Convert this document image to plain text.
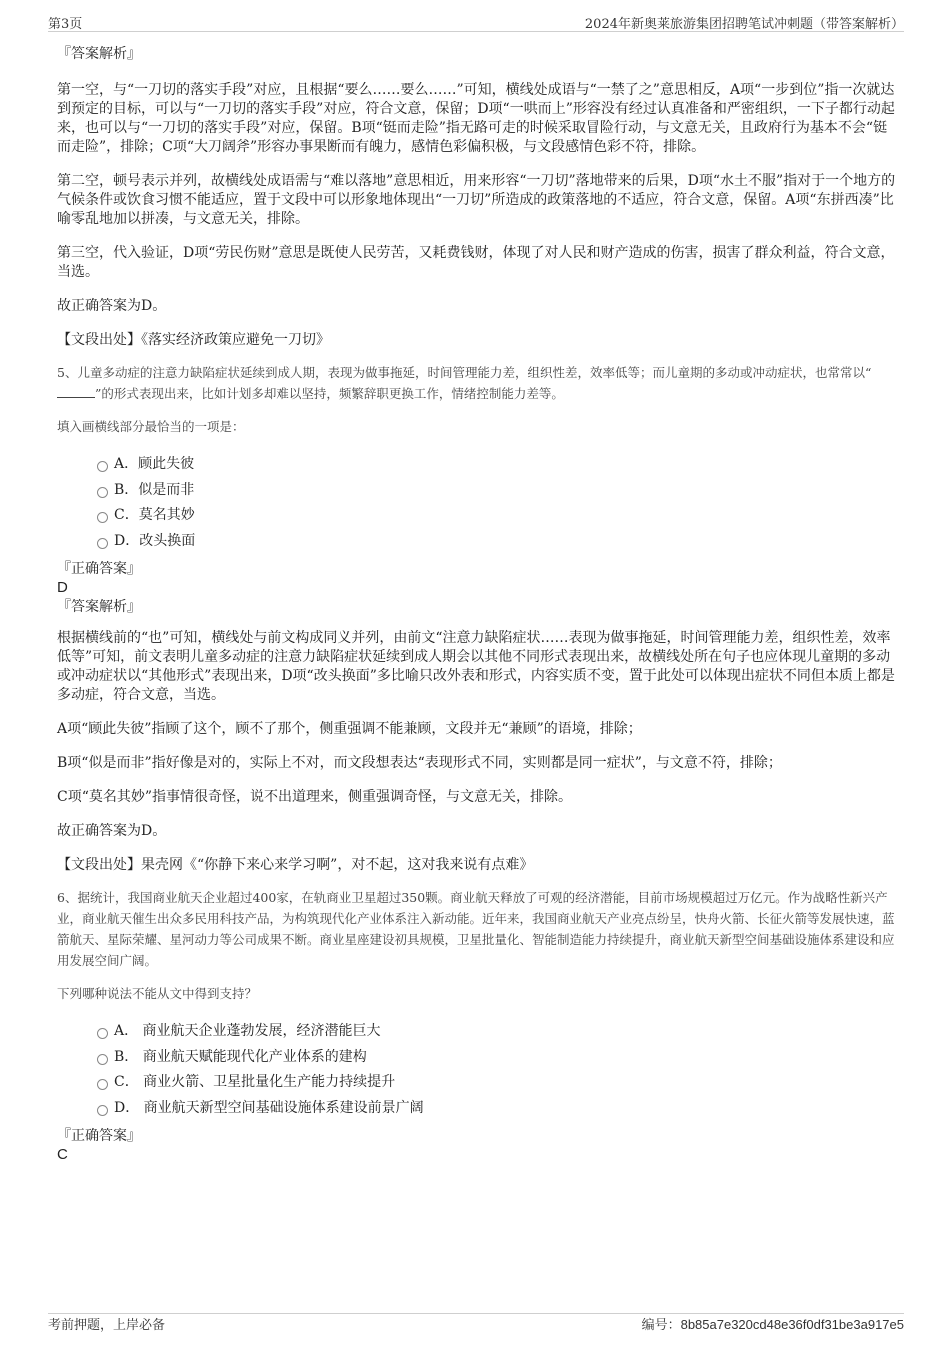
第3页	2024年新奥莱旅游集团招聘笔试冲刺题（带答案解析）
『答案解析』

第一空，与“一刀切的落实手段”对应，且根据“要么……要么……”可知，横线处成语与“一禁了之”意思相反，A项“一步到位”指一次就达到预定的目标，可以与“一刀切的落实手段”对应，符合文意，保留；D项“一哄而上”形容没有经过认真准备和严密组织，一下子都行动起来，也可以与“一刀切的落实手段”对应，保留。B项“铤而走险”指无路可走的时候采取冒险行动，与文意无关，且政府行为基本不会“铤而走险”，排除；C项“大刀阔斧”形容办事果断而有魄力，感情色彩偏积极，与文段感情色彩不符，排除。

第二空，顿号表示并列，故横线处成语需与“难以落地”意思相近，用来形容“一刀切”落地带来的后果，D项“水土不服”指对于一个地方的气候条件或饮食习惯不能适应，置于文段中可以形象地体现出“一刀切”所造成的政策落地的不适应，符合文意，保留。A项“东拼西凑”比喻零乱地加以拼凑，与文意无关，排除。

第三空，代入验证，D项“劳民伤财”意思是既使人民劳苦，又耗费钱财，体现了对人民和财产造成的伤害，损害了群众利益，符合文意，当选。

故正确答案为D。

【文段出处】《落实经济政策应避免一刀切》

5、儿童多动症的注意力缺陷症状延续到成人期，表现为做事拖延，时间管理能力差，组织性差，效率低等；而儿童期的多动或冲动症状，也常常以“”的形式表现出来，比如计划多却难以坚持，频繁辞职更换工作，情绪控制能力差等。

填入画横线部分最恰当的一项是：

A．顾此失彼
B．似是而非
C．莫名其妙
D．改头换面
『正确答案』
D
『答案解析』

根据横线前的“也”可知，横线处与前文构成同义并列，由前文“注意力缺陷症状……表现为做事拖延，时间管理能力差，组织性差，效率低等”可知，前文表明儿童多动症的注意力缺陷症状延续到成人期会以其他不同形式表现出来，故横线处所在句子也应体现儿童期的多动或冲动症状以“其他形式”表现出来，D项“改头换面”多比喻只改外表和形式，内容实质不变，置于此处可以体现出症状不同但本质上都是多动症，符合文意，当选。

A项“顾此失彼”指顾了这个，顾不了那个，侧重强调不能兼顾，文段并无“兼顾”的语境，排除；

B项“似是而非”指好像是对的，实际上不对，而文段想表达“表现形式不同，实则都是同一症状”，与文意不符，排除；

C项“莫名其妙”指事情很奇怪，说不出道理来，侧重强调奇怪，与文意无关，排除。

故正确答案为D。

【文段出处】果壳网《“你静下来心来学习啊”，对不起，这对我来说有点难》

6、据统计，我国商业航天企业超过400家，在轨商业卫星超过350颗。商业航天释放了可观的经济潜能，目前市场规模超过万亿元。作为战略性新兴产业，商业航天催生出众多民用科技产品，为构筑现代化产业体系注入新动能。近年来，我国商业航天产业亮点纷呈，快舟火箭、长征火箭等发展快速，蓝箭航天、星际荣耀、星河动力等公司成果不断。商业星座建设初具规模，卫星批量化、智能制造能力持续提升，商业航天新型空间基础设施体系建设和应用发展空间广阔。

下列哪种说法不能从文中得到支持？

A． 商业航天企业蓬勃发展，经济潜能巨大
B． 商业航天赋能现代化产业体系的建构
C． 商业火箭、卫星批量化生产能力持续提升
D． 商业航天新型空间基础设施体系建设前景广阔
『正确答案』
C
考前押题，上岸必备	编号：8b85a7e320cd48e36f0df31be3a917e5
